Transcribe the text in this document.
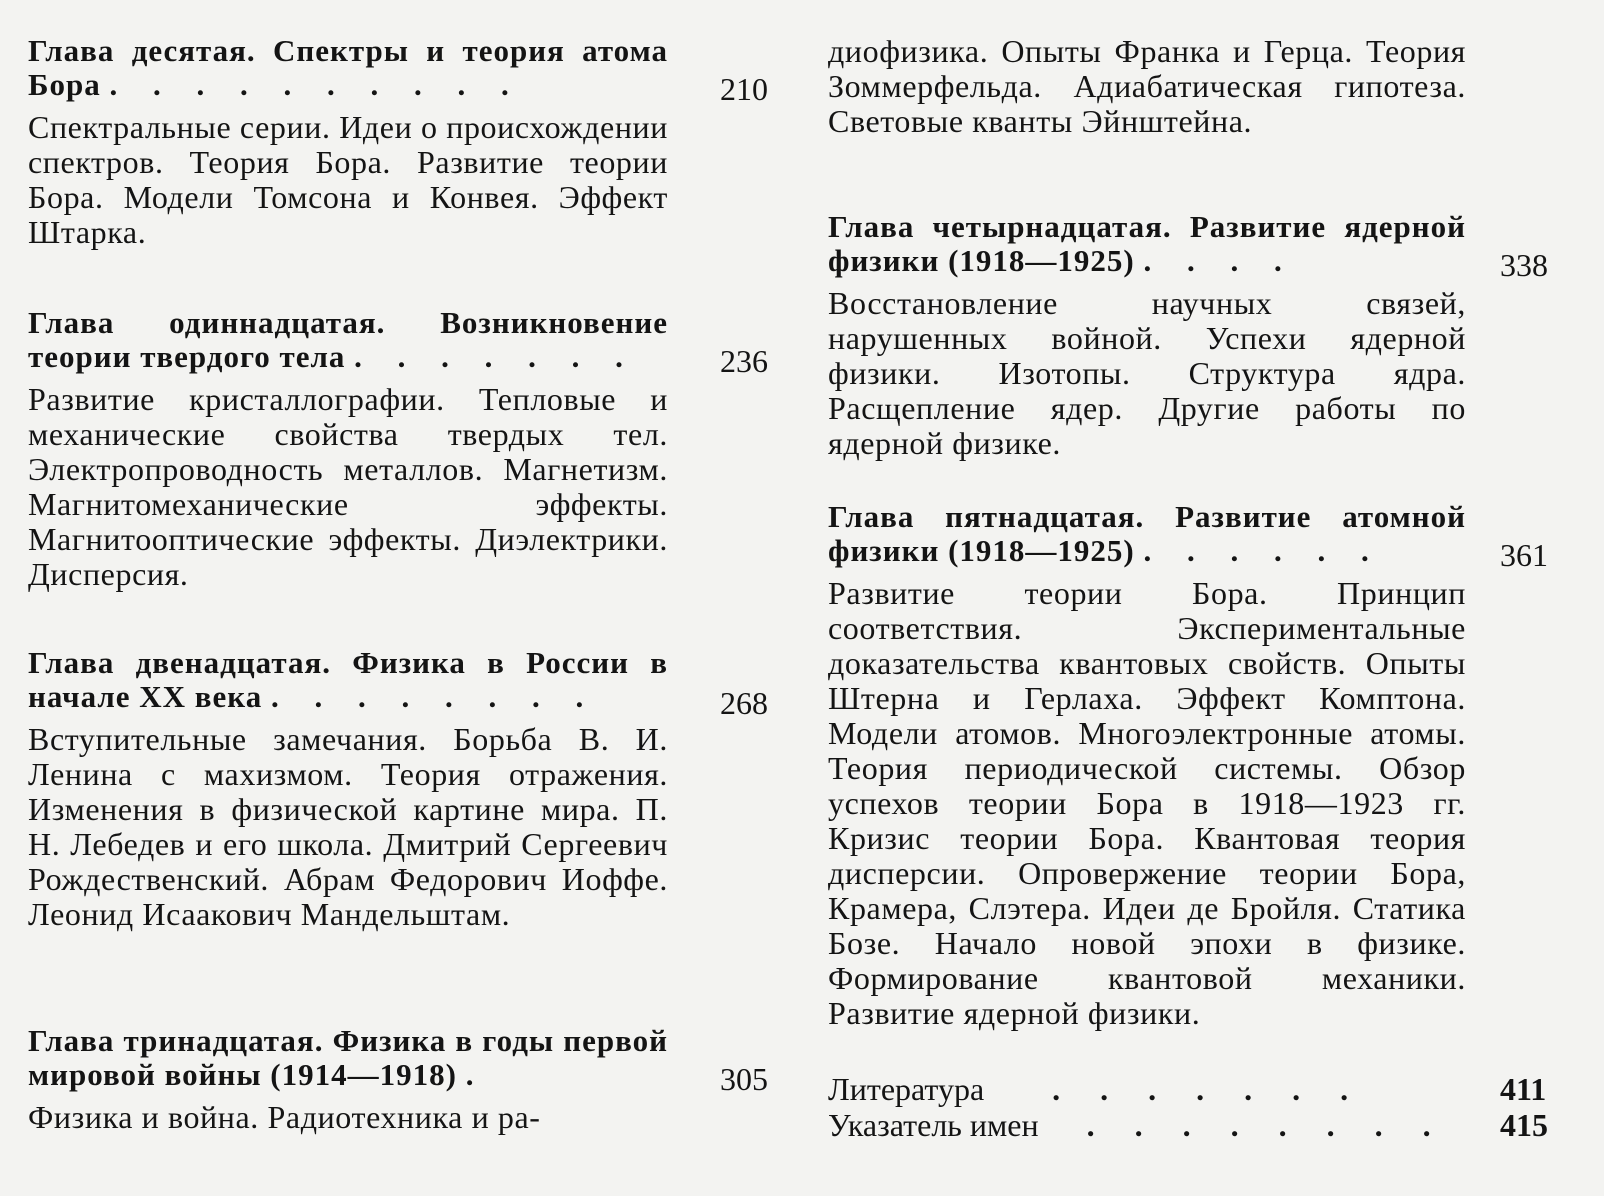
Глава десятая. Спектры и теория атома Бора . . . . . . . . . .
Спектральные серии. Идеи о происхождении спектров. Теория Бора. Развитие теории Бора. Модели Томсона и Конвея. Эффект Штарка.
Глава одиннадцатая. Возникновение теории твердого тела . . . . . . .
Развитие кристаллографии. Тепловые и механические свойства твердых тел. Электропроводность металлов. Магнетизм. Магнитомеханические эффекты. Магнитооптические эффекты. Диэлектрики. Дисперсия.
Глава двенадцатая. Физика в России в начале XX века . . . . . . . .
Вступительные замечания. Борьба В. И. Ленина с махизмом. Теория отражения. Изменения в физической картине мира. П. Н. Лебедев и его школа. Дмитрий Сергеевич Рождественский. Абрам Федорович Иоффе. Леонид Исаакович Мандельштам.
Глава тринадцатая. Физика в годы первой мировой войны (1914—1918) .
Физика и война. Радиотехника и ра-
210
236
268
305
диофизика. Опыты Франка и Герца. Теория Зоммерфельда. Адиабатическая гипотеза. Световые кванты Эйнштейна.
Глава четырнадцатая. Развитие ядерной физики (1918—1925) . . . .
Восстановление научных связей, нарушенных войной. Успехи ядерной физики. Изотопы. Структура ядра. Расщепление ядер. Другие работы по ядерной физике.
Глава пятнадцатая. Развитие атомной физики (1918—1925) . . . . . .
Развитие теории Бора. Принцип соответствия. Экспериментальные доказательства квантовых свойств. Опыты Штерна и Герлаха. Эффект Комптона. Модели атомов. Многоэлектронные атомы. Теория периодической системы. Обзор успехов теории Бора в 1918—1923 гг. Кризис теории Бора. Квантовая теория дисперсии. Опровержение теории Бора, Крамера, Слэтера. Идеи де Бройля. Статика Бозе. Начало новой эпохи в физике. Формирование квантовой механики. Развитие ядерной физики.
Литература . . . . . . .
Указатель имен . . . . . . . .
338
361
411
415
